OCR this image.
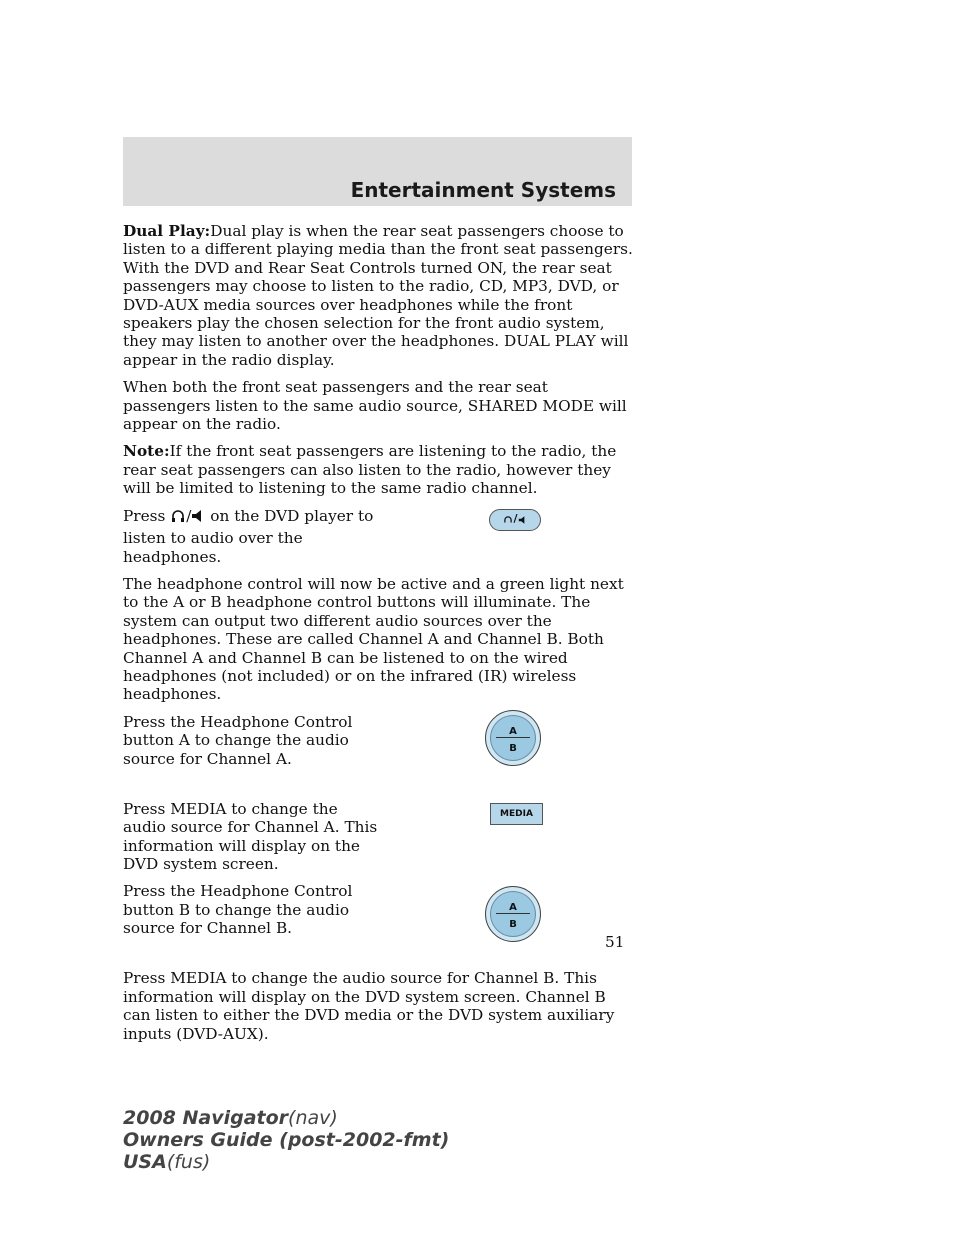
Entertainment Systems

Dual Play:Dual play is when the rear seat passengers choose to listen to a different playing media than the front seat passengers. With the DVD and Rear Seat Controls turned ON, the rear seat passengers may choose to listen to the radio, CD, MP3, DVD, or DVD-AUX media sources over headphones while the front speakers play the chosen selection for the front audio system, they may listen to another over the headphones. DUAL PLAY will appear in the radio display.

When both the front seat passengers and the rear seat passengers listen to the same audio source, SHARED MODE will appear on the radio.

Note:If the front seat passengers are listening to the radio, the rear seat passengers can also listen to the radio, however they will be limited to listening to the same radio channel.

Press / on the DVD player to listen to audio over the headphones.
/

The headphone control will now be active and a green light next to the A or B headphone control buttons will illuminate. The system can output two different audio sources over the headphones. These are called Channel A and Channel B. Both Channel A and Channel B can be listened to on the wired headphones (not included) or on the infrared (IR) wireless headphones.

Press the Headphone Control button A to change the audio source for Channel A.
A
B
Press MEDIA to change the audio source for Channel A. This information will display on the DVD system screen.
MEDIA
Press the Headphone Control button B to change the audio source for Channel B.
A
B

Press MEDIA to change the audio source for Channel B. This information will display on the DVD system screen. Channel B can listen to either the DVD media or the DVD system auxiliary inputs (DVD-AUX).

51
2008 Navigator(nav)
Owners Guide (post-2002-fmt)
USA(fus)
